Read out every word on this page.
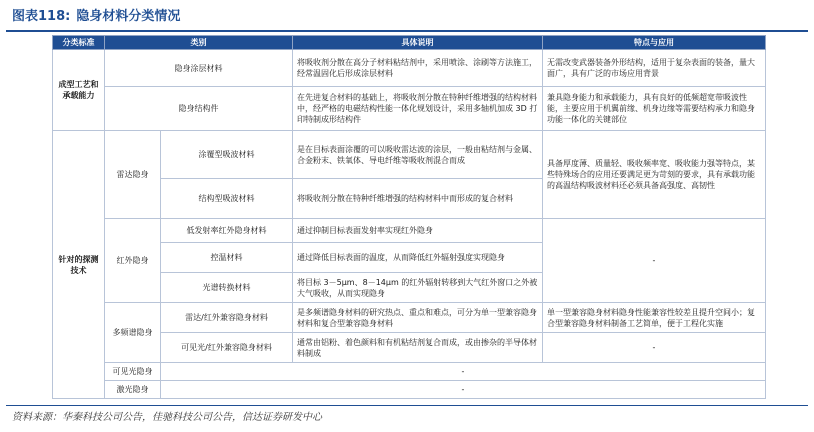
图表118: 隐身材料分类情况
分类标准	类别		具体说明	特点与应用
成型工艺和承载能力	隐身涂层材料		将吸收剂分散在高分子材料粘结剂中，采用喷涂、涂刷等方法施工，经常温固化后形成涂层材料	无需改变武器装备外形结构，适用于复杂表面的装备，量大面广，具有广泛的市场应用背景
	隐身结构件		在先进复合材料的基础上，将吸收剂分散在特种纤维增强的结构材料中，经严格的电磁结构性能一体化规划设计，采用多轴机加成 3D 打印特制成形结构件	兼具隐身能力和承载能力，具有良好的低频超宽带吸波性能，主要应用于机翼前缘、机身边缘等需要结构承力和隐身功能一体化的关键部位
针对的探测技术	雷达隐身	涂覆型吸波材料	是在目标表面涂覆的可以吸收雷达波的涂层，一般由粘结剂与金属、合金粉末、铁氧体、导电纤维等吸收剂混合而成	具备厚度薄、质量轻、吸收频率宽、吸收能力强等特点，某些特殊场合的应用还要满足更为苛刻的要求，具有承载功能的高温结构吸波材料还必须具备高强度、高韧性
		结构型吸波材料	将吸收剂分散在特种纤维增强的结构材料中而形成的复合材料	
	红外隐身	低发射率红外隐身材料	通过抑制目标表面发射率实现红外隐身	-
		控温材料	通过降低目标表面的温度，从而降低红外辐射强度实现隐身	
		光谱转换材料	将目标 3－5μm、8－14μm 的红外辐射转移到大气红外窗口之外被大气吸收，从而实现隐身	
	多频谱隐身	雷达/红外兼容隐身材料	是多频谱隐身材料的研究热点、重点和难点，可分为单一型兼容隐身材料和复合型兼容隐身材料	单一型兼容隐身材料隐身性能兼容性较差且提升空间小；复合型兼容隐身材料制备工艺简单，便于工程化实施
		可见光/红外兼容隐身材料	通常由铝粉、着色颜料和有机粘结剂复合而成，或由掺杂的半导体材料制成	-
	可见光隐身	-		
	激光隐身	-		
资料来源：华秦科技公司公告，佳驰科技公司公告，信达证券研发中心
